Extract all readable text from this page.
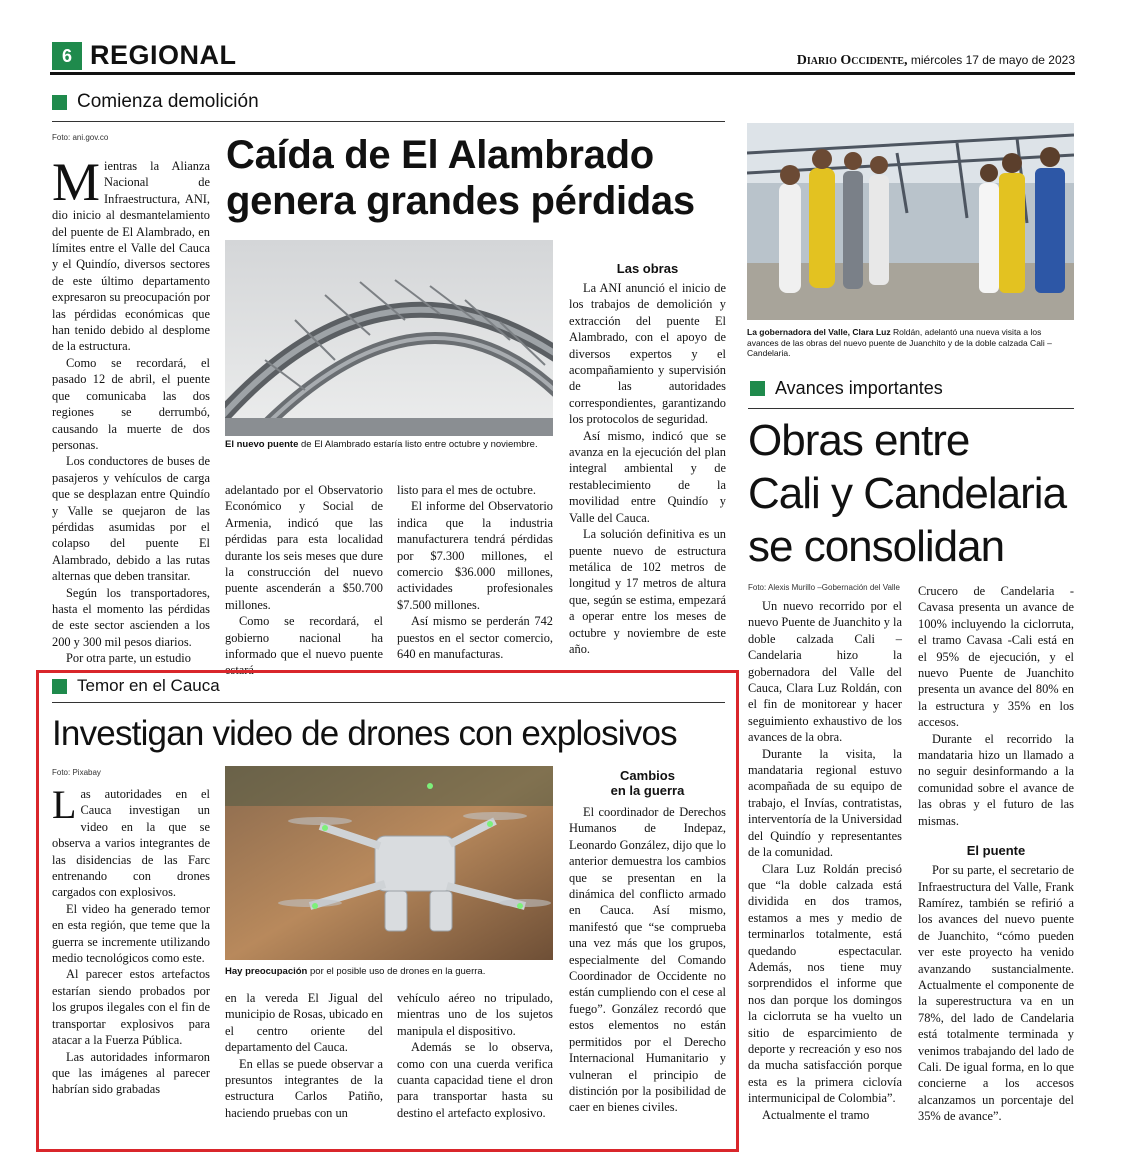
6 REGIONAL	Diario Occidente, miércoles 17 de mayo de 2023
Comienza demolición
Foto: ani.gov.co	Caída de El Alambrado
genera grandes pérdidas

Mientras la Alianza Nacional de Infraestructura, ANI, dio inicio al desmantelamiento del puente de El Alambrado, en límites entre el Valle del Cauca y el Quindío, diversos sectores de este último departamento expresaron su preocupación por las pérdidas económicas que han tenido debido al desplome de la estructura.

Como se recordará, el pasado 12 de abril, el puente que comunicaba las dos regiones se derrumbó, causando la muerte de dos personas.

Los conductores de buses de pasajeros y vehículos de carga que se desplazan entre Quindío y Valle se quejaron de las pérdidas asumidas por el colapso del puente El Alambrado, debido a las rutas alternas que deben transitar.

Según los transportadores, hasta el momento las pérdidas de este sector ascienden a los 200 y 300 mil pesos diarios.

Por otra parte, un estudio

El nuevo puente de El Alambrado estaría listo entre octubre y noviembre.

adelantado por el Observatorio Económico y Social de Armenia, indicó que las pérdidas para esta localidad durante los seis meses que dure la construcción del nuevo puente ascenderán a $50.700 millones.

Como se recordará, el gobierno nacional ha informado que el nuevo puente estará

listo para el mes de octubre.

El informe del Observatorio indica que la industria manufacturera tendrá pérdidas por $7.300 millones, el comercio $36.000 millones, actividades profesionales $7.500 millones.

Así mismo se perderán 742 puestos en el sector comercio, 640 en manufacturas.

Las obras

La ANI anunció el inicio de los trabajos de demolición y extracción del puente El Alambrado, con el apoyo de diversos expertos y el acompañamiento y supervisión de las autoridades correspondientes, garantizando los protocolos de seguridad.

Así mismo, indicó que se avanza en la ejecución del plan integral ambiental y de restablecimiento de la movilidad entre Quindío y Valle del Cauca.

La solución definitiva es un puente nuevo de estructura metálica de 102 metros de longitud y 17 metros de altura que, según se estima, empezará a operar entre los meses de octubre y noviembre de este año.

La gobernadora del Valle, Clara Luz Roldán, adelantó una nueva visita a los avances de las obras del nuevo puente de Juanchito y de la doble calzada Cali –Candelaria.
Avances importantes
Obras entre
Cali y Candelaria
se consolidan
Foto: Alexis Murillo –Gobernación del Valle

Un nuevo recorrido por el nuevo Puente de Juanchito y la doble calzada Cali –Candelaria hizo la gobernadora del Valle del Cauca, Clara Luz Roldán, con el fin de monitorear y hacer seguimiento exhaustivo de los avances de la obra.

Durante la visita, la mandataria regional estuvo acompañada de su equipo de trabajo, el Invías, contratistas, interventoría de la Universidad del Quindío y representantes de la comunidad.

Clara Luz Roldán precisó que “la doble calzada está dividida en dos tramos, estamos a mes y medio de terminarlos totalmente, está quedando espectacular. Además, nos tiene muy sorprendidos el informe que nos dan porque los domingos la ciclorruta se ha vuelto un sitio de esparcimiento de deporte y recreación y eso nos da mucha satisfacción porque esta es la primera ciclovía intermunicipal de Colombia”.

Actualmente el tramo

Crucero de Candelaria - Cavasa presenta un avance de 100% incluyendo la ciclorruta, el tramo Cavasa -Cali está en el 95% de ejecución, y el nuevo Puente de Juanchito presenta un avance del 80% en la estructura y 35% en los accesos.

Durante el recorrido la mandataria hizo un llamado a no seguir desinformando a la comunidad sobre el avance de las obras y el futuro de las mismas.

El puente

Por su parte, el secretario de Infraestructura del Valle, Frank Ramírez, también se refirió a los avances del nuevo puente de Juanchito, “cómo pueden ver este proyecto ha venido avanzando sustancialmente. Actualmente el componente de la superestructura va en un 78%, del lado de Candelaria está totalmente terminada y venimos trabajando del lado de Cali. De igual forma, en lo que concierne a los accesos alcanzamos un porcentaje del 35% de avance”.

Temor en el Cauca
Investigan video de drones con explosivos
Foto: Pixabay

Las autoridades en el Cauca investigan un video en la que se observa a varios integrantes de las disidencias de las Farc entrenando con drones cargados con explosivos.

El video ha generado temor en esta región, que teme que la guerra se incremente utilizando medio tecnológicos como este.

Al parecer estos artefactos estarían siendo probados por los grupos ilegales con el fin de transportar explosivos para atacar a la Fuerza Pública.

Las autoridades informaron que las imágenes al parecer habrían sido grabadas

Hay preocupación por el posible uso de drones en la guerra.

en la vereda El Jigual del municipio de Rosas, ubicado en el centro oriente del departamento del Cauca.

En ellas se puede observar a presuntos integrantes de la estructura Carlos Patiño, haciendo pruebas con un

vehículo aéreo no tripulado, mientras uno de los sujetos manipula el dispositivo.

Además se lo observa, como con una cuerda verifica cuanta capacidad tiene el dron para transportar hasta su destino el artefacto explosivo.

Cambios
en la guerra

El coordinador de Derechos Humanos de Indepaz, Leonardo González, dijo que lo anterior demuestra los cambios que se presentan en la dinámica del conflicto armado en Cauca. Así mismo, manifestó que “se comprueba una vez más que los grupos, especialmente del Comando Coordinador de Occidente no están cumpliendo con el cese al fuego”. González recordó que estos elementos no están permitidos por el Derecho Internacional Humanitario y vulneran el principio de distinción por la posibilidad de caer en bienes civiles.
